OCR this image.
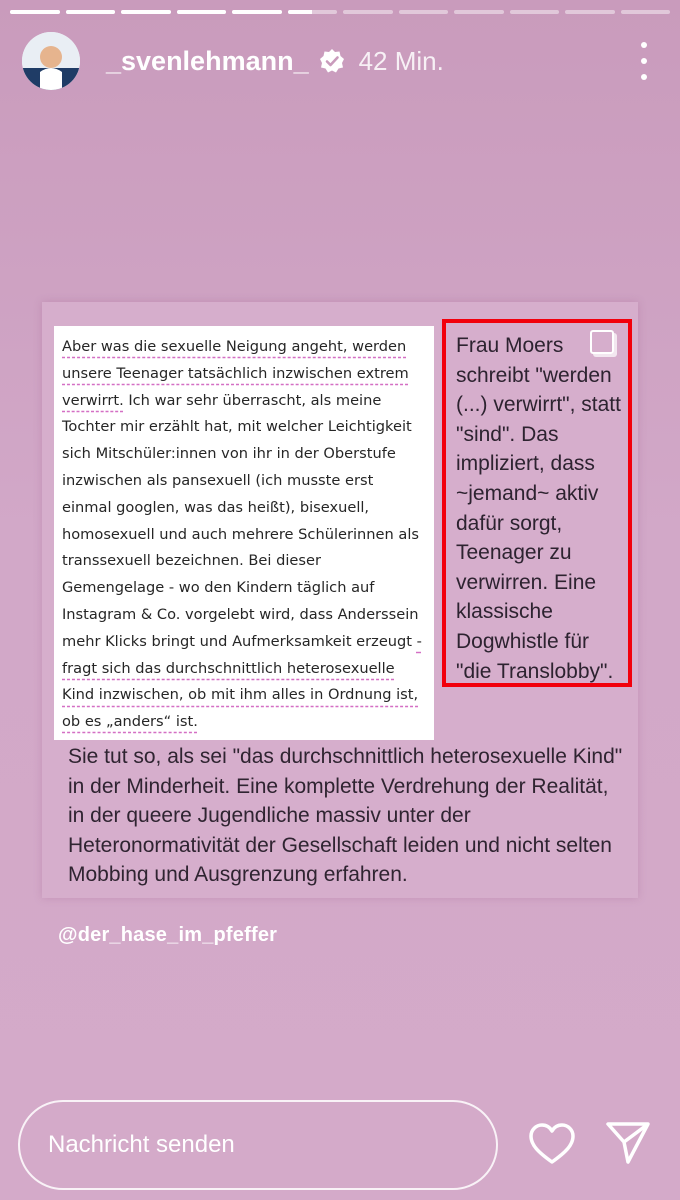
_svenlehmann_ 42 Min.

Aber was die sexuelle Neigung angeht, werden unsere Teenager tatsächlich inzwischen extrem verwirrt. Ich war sehr überrascht, als meine Tochter mir erzählt hat, mit welcher Leichtigkeit sich Mitschüler:innen von ihr in der Oberstufe inzwischen als pansexuell (ich musste erst einmal googlen, was das heißt), bisexuell, homosexuell und auch mehrere Schülerinnen als transsexuell bezeichnen. Bei dieser Gemengelage - wo den Kindern täglich auf Instagram & Co. vorgelebt wird, dass Anderssein mehr Klicks bringt und Aufmerksamkeit erzeugt - fragt sich das durchschnittlich heterosexuelle Kind inzwischen, ob mit ihm alles in Ordnung ist, ob es „anders“ ist.

Frau Moers schreibt "werden (...) verwirrt", statt "sind". Das impliziert, dass ~jemand~ aktiv dafür sorgt, Teenager zu verwirren. Eine klassische Dogwhistle für "die Translobby".

Sie tut so, als sei "das durchschnittlich heterosexuelle Kind" in der Minderheit. Eine komplette Verdrehung der Realität, in der queere Jugendliche massiv unter der Heteronormativität der Gesellschaft leiden und nicht selten Mobbing und Ausgrenzung erfahren.

@der_hase_im_pfeffer
Nachricht senden
